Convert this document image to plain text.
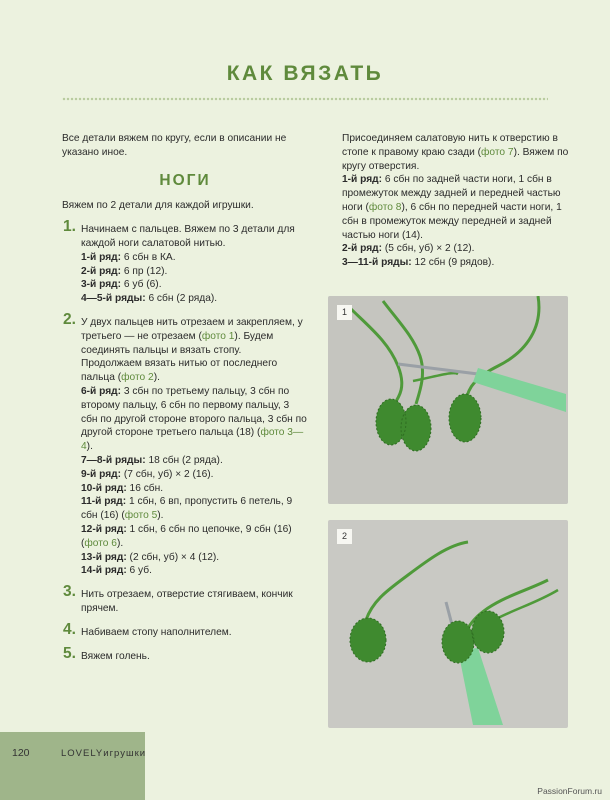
КАК ВЯЗАТЬ

Все детали вяжем по кругу, если в описании не указано иное.

НОГИ

Вяжем по 2 детали для каждой игрушки.

1. Начинаем с пальцев. Вяжем по 3 детали для каждой ноги салатовой нитью.

1-й ряд: 6 сбн в КА.

2-й ряд: 6 пр (12).

3-й ряд: 6 уб (6).

4—5-й ряды: 6 сбн (2 ряда).

2. У двух пальцев нить отрезаем и закрепляем, у третьего — не отрезаем (фото 1). Будем соединять пальцы и вязать стопу.

Продолжаем вязать нитью от последнего пальца (фото 2).

6-й ряд: 3 сбн по третьему пальцу, 3 сбн по второму пальцу, 6 сбн по первому пальцу, 3 сбн по другой стороне второго пальца, 3 сбн по другой стороне третьего пальца (18) (фото 3—4).

7—8-й ряды: 18 сбн (2 ряда).

9-й ряд: (7 сбн, уб) × 2 (16).

10-й ряд: 16 сбн.

11-й ряд: 1 сбн, 6 вп, пропустить 6 петель, 9 сбн (16) (фото 5).

12-й ряд: 1 сбн, 6 сбн по цепочке, 9 сбн (16) (фото 6).

13-й ряд: (2 сбн, уб) × 4 (12).

14-й ряд: 6 уб.

3. Нить отрезаем, отверстие стягиваем, кончик прячем.

4. Набиваем стопу наполнителем.

5. Вяжем голень.

Присоединяем салатовую нить к отверстию в стопе к правому краю сзади (фото 7). Вяжем по кругу отверстия.

1-й ряд: 6 сбн по задней части ноги, 1 сбн в промежуток между задней и передней частью ноги (фото 8), 6 сбн по передней части ноги, 1 сбн в промежуток между передней и задней частью ноги (14).

2-й ряд: (5 сбн, уб) × 2 (12).

3—11-й ряды: 12 сбн (9 рядов).

1
2
120	LOVELYигрушки
PassionForum.ru
